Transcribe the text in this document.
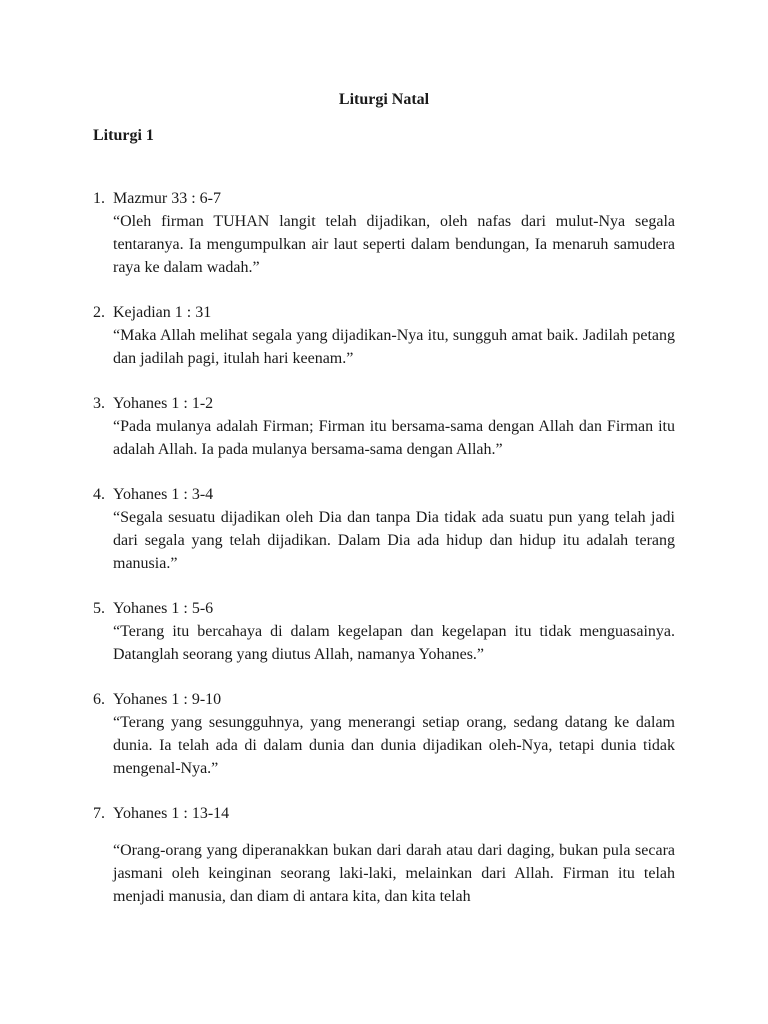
Liturgi Natal
Liturgi 1
1. Mazmur 33 : 6-7
“Oleh firman TUHAN langit telah dijadikan, oleh nafas dari mulut-Nya segala tentaranya. Ia mengumpulkan air laut seperti dalam bendungan, Ia menaruh samudera raya ke dalam wadah.”
2. Kejadian 1 : 31
“Maka Allah melihat segala yang dijadikan-Nya itu, sungguh amat baik. Jadilah petang dan jadilah pagi, itulah hari keenam.”
3. Yohanes 1 : 1-2
“Pada mulanya adalah Firman; Firman itu bersama-sama dengan Allah dan Firman itu adalah Allah. Ia pada mulanya bersama-sama dengan Allah.”
4. Yohanes 1 : 3-4
“Segala sesuatu dijadikan oleh Dia dan tanpa Dia tidak ada suatu pun yang telah jadi dari segala yang telah dijadikan. Dalam Dia ada hidup dan hidup itu adalah terang manusia.”
5. Yohanes 1 : 5-6
“Terang itu bercahaya di dalam kegelapan dan kegelapan itu tidak menguasainya. Datanglah seorang yang diutus Allah, namanya Yohanes.”
6. Yohanes 1 : 9-10
“Terang yang sesungguhnya, yang menerangi setiap orang, sedang datang ke dalam dunia. Ia telah ada di dalam dunia dan dunia dijadikan oleh-Nya, tetapi dunia tidak mengenal-Nya.”
7. Yohanes 1 : 13-14
“Orang-orang yang diperanakkan bukan dari darah atau dari daging, bukan pula secara jasmani oleh keinginan seorang laki-laki, melainkan dari Allah. Firman itu telah menjadi manusia, dan diam di antara kita, dan kita telah
